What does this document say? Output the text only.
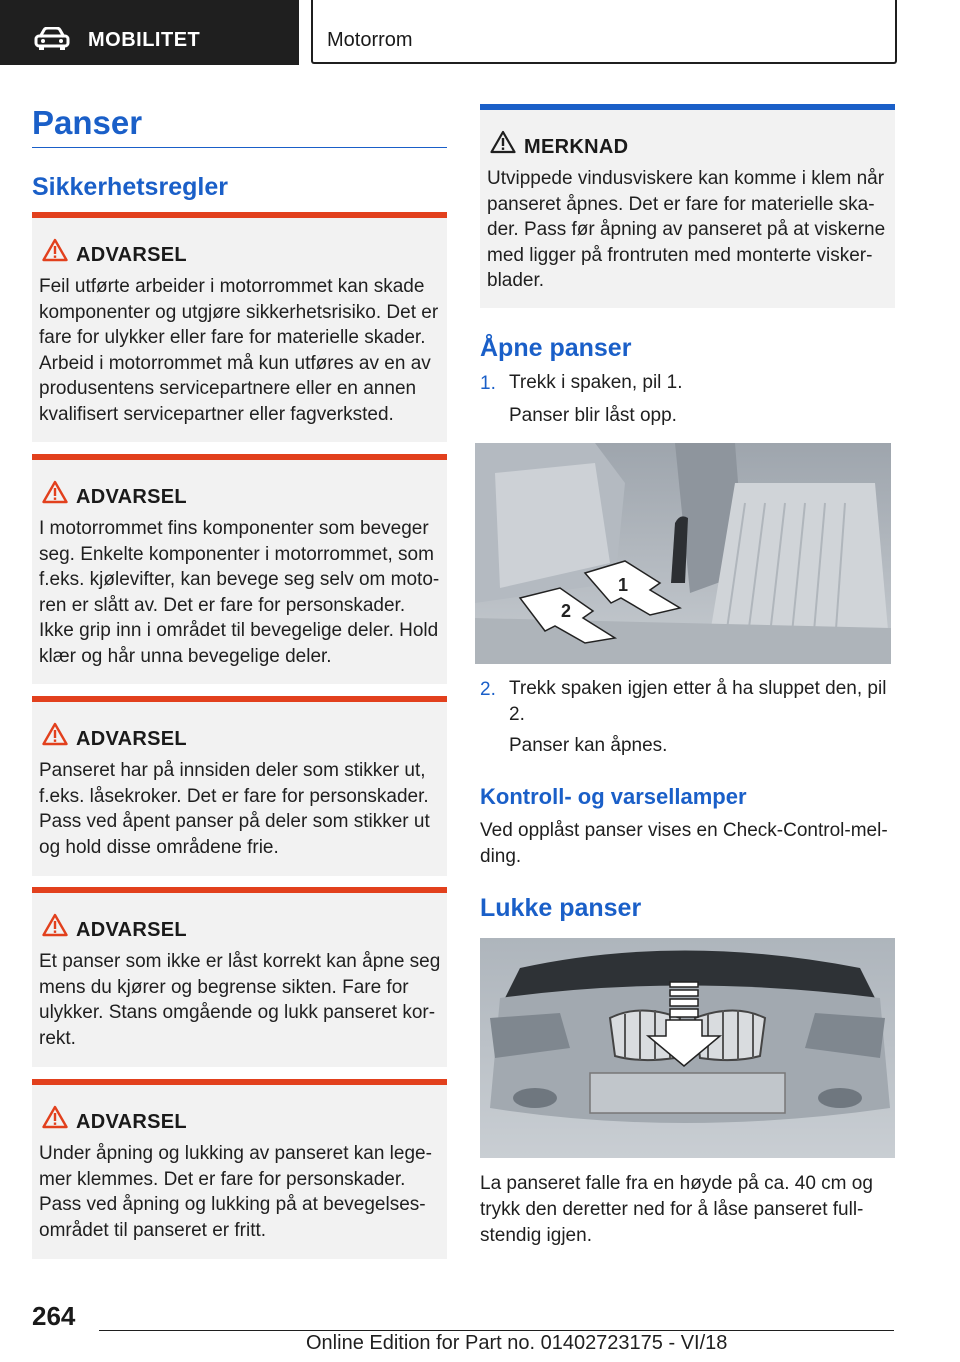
MOBILITET	Motorrom
Panser
Sikkerhetsregler
ADVARSEL
Feil utførte arbeider i motorrommet kan skade komponenter og utgjøre sikkerhetsrisiko. Det er fare for ulykker eller fare for materielle skader. Arbeid i motorrommet må kun utføres av en av produsentens servicepartnere eller en annen kvalifisert servicepartner eller fagverksted.
ADVARSEL
I motorrommet fins komponenter som beveger seg. Enkelte komponenter i motorrommet, som f.eks. kjølevifter, kan bevege seg selv om motoren er slått av. Det er fare for personskader. Ikke grip inn i området til bevegelige deler. Hold klær og hår unna bevegelige deler.
ADVARSEL
Panseret har på innsiden deler som stikker ut, f.eks. låsekroker. Det er fare for personskader. Pass ved åpent panser på deler som stikker ut og hold disse områdene frie.
ADVARSEL
Et panser som ikke er låst korrekt kan åpne seg mens du kjører og begrense sikten. Fare for ulykker. Stans omgående og lukk panseret korrekt.
ADVARSEL
Under åpning og lukking av panseret kan legemer klemmes. Det er fare for personskader. Pass ved åpning og lukking på at bevegelsesområdet til panseret er fritt.
MERKNAD
Utvippede vindusviskere kan komme i klem når panseret åpnes. Det er fare for materielle skader. Pass før åpning av panseret på at viskerne med ligger på frontruten med monterte viskerblader.
Åpne panser
1. Trekk i spaken, pil 1.
Panser blir låst opp.
1
2
2. Trekk spaken igjen etter å ha sluppet den, pil 2.
Panser kan åpnes.
Kontroll- og varsellamper
Ved opplåst panser vises en Check-Control-melding.
Lukke panser
La panseret falle fra en høyde på ca. 40 cm og trykk den deretter ned for å låse panseret fullstendig igjen.
264
Online Edition for Part no. 01402723175 - VI/18
